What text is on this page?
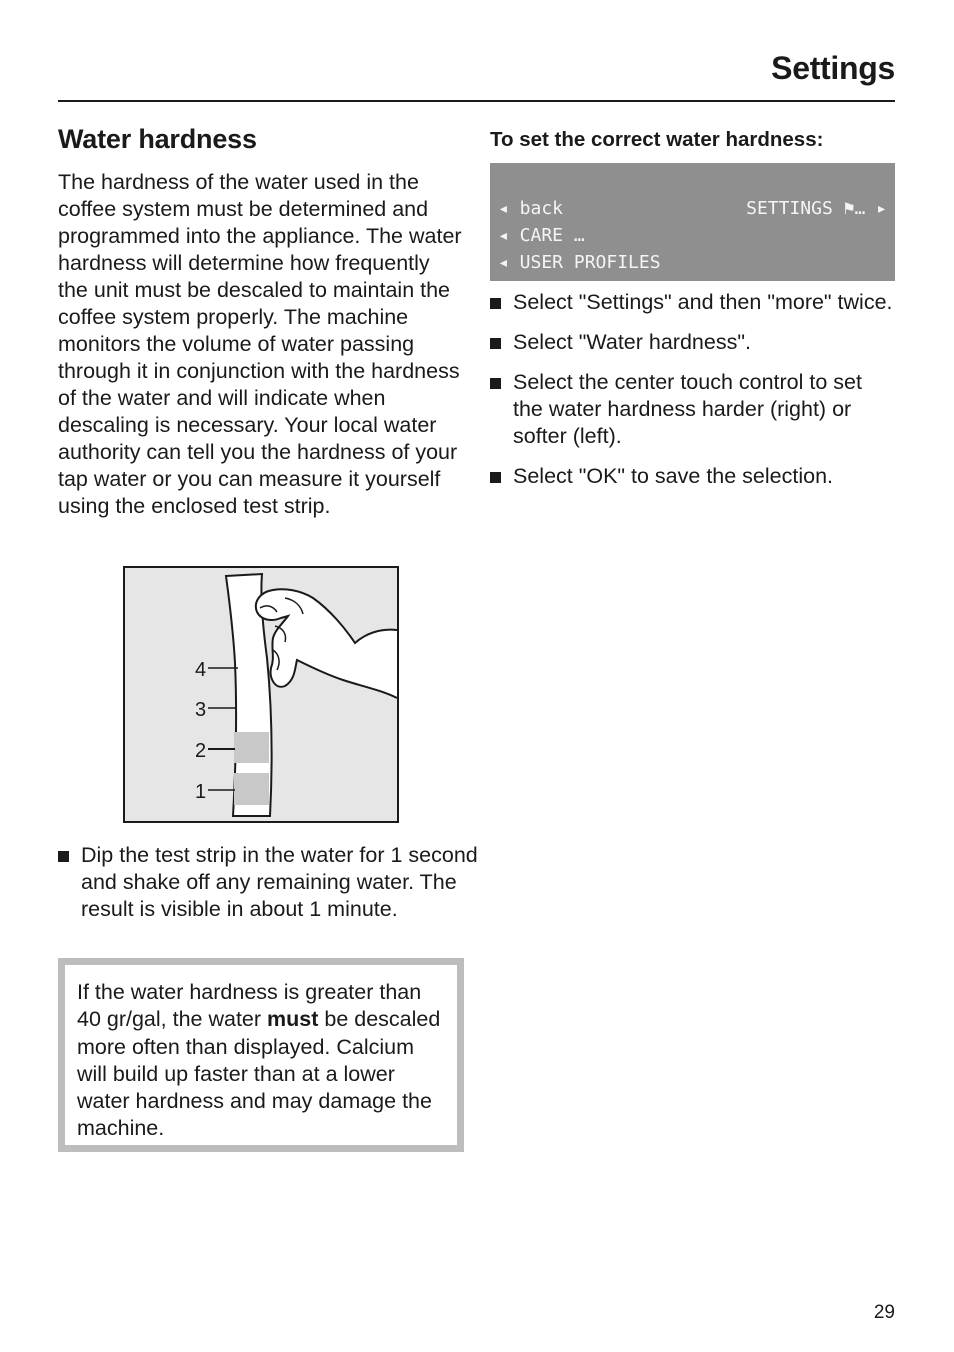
Settings
Water hardness

The hardness of the water used in the coffee system must be determined and programmed into the appliance. The water hardness will determine how frequently the unit must be descaled to maintain the coffee system properly. The machine monitors the volume of water passing through it in conjunction with the hardness of the water and will indicate when descaling is necessary. Your local water authority can tell you the hardness of your tap water or you can measure it yourself using the enclosed test strip.

4
3
2
1
Dip the test strip in the water for 1 second and shake off any remaining water. The result is visible in about 1 minute.

If the water hardness is greater than 40 gr/gal, the water must be descaled more often than displayed. Calcium will build up faster than at a lower water hardness and may damage the machine.

To set the correct water hardness:
◂ back	SETTINGS ⚑… ▸
◂ CARE …
◂ USER PROFILES
Select "Settings" and then "more" twice.
Select "Water hardness".
Select the center touch control to set the water hardness harder (right) or softer (left).
Select "OK" to save the selection.
29
